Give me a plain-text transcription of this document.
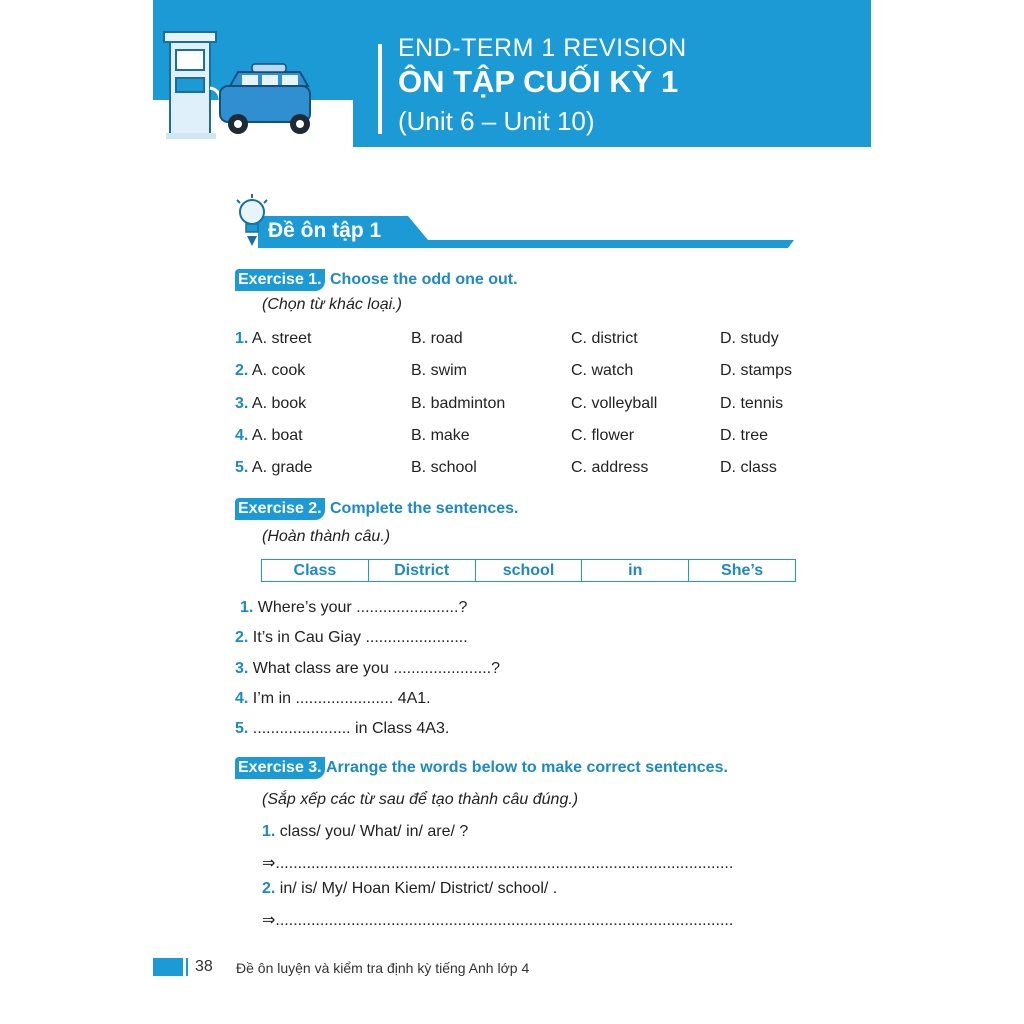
END-TERM 1 REVISION
ÔN TẬP CUỐI KỲ 1
(Unit 6 – Unit 10)
Đề ôn tập 1
Exercise 1. Choose the odd one out.
(Chọn từ khác loại.)
1. A. street	B. road	C. district	D. study
2. A. cook	B. swim	C. watch	D. stamps
3. A. book	B. badminton	C. volleyball	D. tennis
4. A. boat	B. make	C. flower	D. tree
5. A. grade	B. school	C. address	D. class
Exercise 2. Complete the sentences.
(Hoàn thành câu.)
Class	District	school	in	She’s
1. Where’s your .......................?
2. It’s in Cau Giay .......................
3. What class are you ......................?
4. I’m in ...................... 4A1.
5. ...................... in Class 4A3.
Exercise 3. Arrange the words below to make correct sentences.
(Sắp xếp các từ sau để tạo thành câu đúng.)
1. class/ you/ What/ in/ are/ ?
⇒.......................................................................................................
2. in/ is/ My/ Hoan Kiem/ District/ school/ .
⇒.......................................................................................................
38 Đề ôn luyện và kiểm tra định kỳ tiếng Anh lớp 4
